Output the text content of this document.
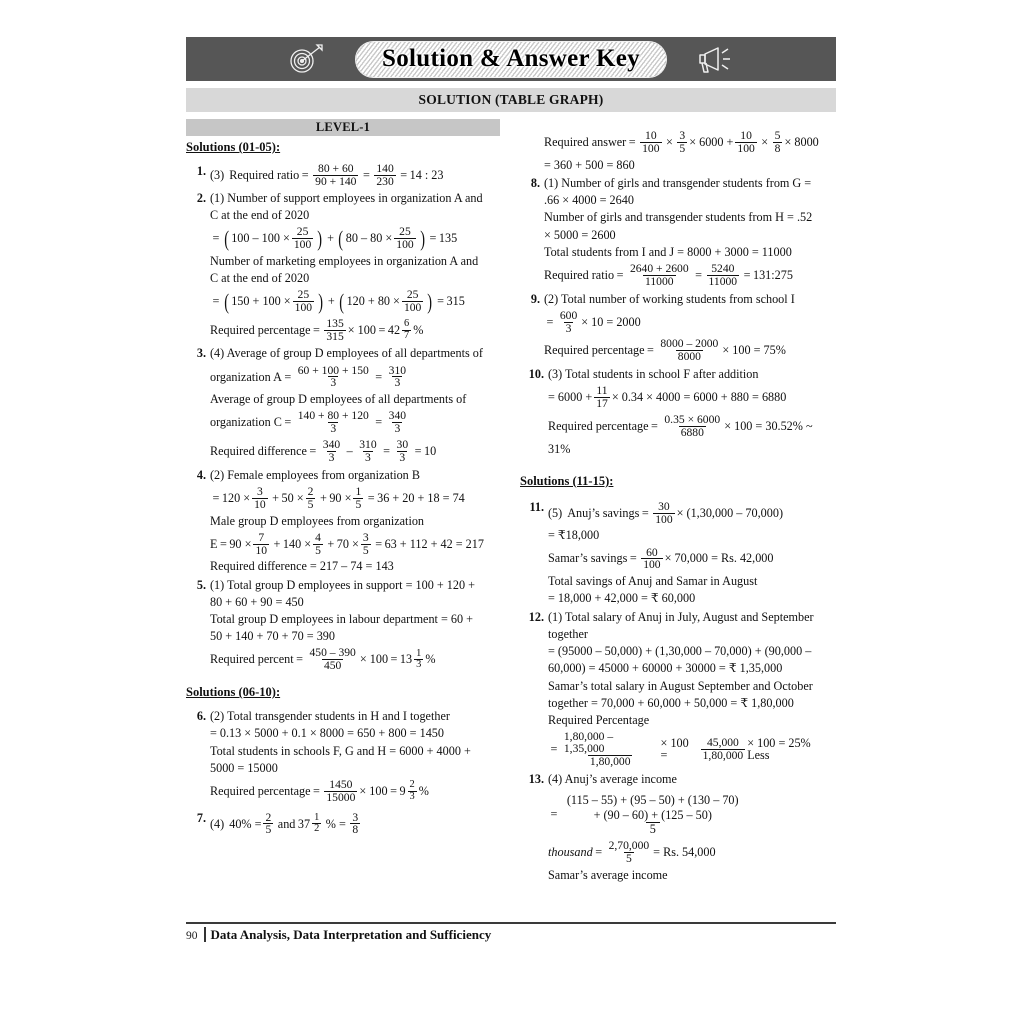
Solution & Answer Key
SOLUTION (TABLE GRAPH)
LEVEL-1
Solutions (01-05):
1. (3) Required ratio = $\frac{80 + 60}{90 + 140} = \frac{140}{230} = 14$ : 23
2. (1) Number of support employees in organization A and
C at the end of 2020
= ( $100 - 100 \times \frac{25}{100}$ ) + ( $80 - 80 \times \frac{25}{100}$ ) = 135
Number of marketing employees in organization A and
C at the end of 2020
= ( $150 + 100 \times \frac{25}{100}$ ) + ( $120 + 80 \times \frac{25}{100}$ ) = 315

Required percentage = $\frac{135}{315} \times 100 = 42 \frac{6}{7}$ %
3. (4) Average of group D employees of all departments of
organization $A = \frac{60 + 100 + 150}{3} = \frac{310}{3}$
Average of group D employees of all departments of
organization $C = \frac{140 + 80 + 120}{3} = \frac{340}{3}$

Required difference = $\frac{340}{3} - \frac{310}{3} = \frac{30}{3} = 10$
4. (2) Female employees from organization B
= $120 \times \frac{3}{10} + 50 \times \frac{2}{5} + 90 \times \frac{1}{5} = 36 + 20 + 18 = 74$
Male group D employees from organization
$E = 90 \times \frac{7}{10} + 140 \times \frac{4}{5} + 70 \times \frac{3}{5} = 63 + 112 + 42 = 217$
Required difference = 217 – 74 = 143
5. (1) Total group D employees in support = 100 + 120 +
80 + 60 + 90 = 450
Total group D employees in labour department = 60 +
50 + 140 + 70 + 70 = 390
Required percent = $\frac{450 - 390}{450} \times 100 = 13 \frac{1}{3}$ %
Solutions (06-10):
6. (2) Total transgender students in H and I together
= 0.13 × 5000 + 0.1 × 8000 = 650 + 800 = 1450
Total students in schools F, G and H = 6000 + 4000 +
5000 = 15000
Required percentage = $\frac{1450}{15000} \times 100 = 9 \frac{2}{3}$ %
7. (4) $40\% = \frac{2}{5}$ and $37 \frac{1}{2}$ % = $\frac{3}{8}$
Required answer = $\frac{10}{100} \times \frac{3}{5} \times 6000 + \frac{10}{100} \times \frac{5}{8} \times 8000$
= 360 + 500 = 860
8. (1) Number of girls and transgender students from G =
.66 × 4000 = 2640
Number of girls and transgender students from H = .52
× 5000 = 2600
Total students from I and J = 8000 + 3000 = 11000
Required ratio = $\frac{2640 + 2600}{11000} = \frac{5240}{11000}$ = 131:275
9. (2) Total number of working students from school I
= $\frac{600}{3} \times 10 = 2000$

Required percentage = $\frac{8000 - 2000}{8000} \times 100 = 75\%$
10. (3) Total students in school F after addition
= $6000 + \frac{11}{17} \times 0.34 \times 4000 = 6000 + 880 = 6880$

Required percentage = $\frac{0.35 \times 6000}{6880} \times 100 = 30.52\%$ ~
31%
Solutions (11-15):
11. (5) Anuj’s savings = $\frac{30}{100} \times (1,30,000 - 70,000)$
= ₹18,000
Samar’s savings = $\frac{60}{100} \times 70,000 = Rs$. 42,000
Total savings of Anuj and Samar in August
= 18,000 + 42,000 = ₹ 60,000
12. (1) Total salary of Anuj in July, August and September
together
= (95000 – 50,000) + (1,30,000 – 70,000) + (90,000 –
60,000) = 45000 + 60000 + 30000 = ₹ 1,35,000
Samar’s total salary in August September and October
together = 70,000 + 60,000 + 50,000 = ₹ 1,80,000
Required Percentage
= $\frac{1,80,000 - 1,35,000}{1,80,000} \times 100$ =	$\frac{45,000}{1,80,000} \times 100 = 25\%$ Less
13. (4) Anuj’s average income
=
(115 – 55) + (95 – 50) + (130 – 70)
+ (90 – 60) + (125 – 50)
5

thousand = $\frac{2,70,000}{5} = Rs$. 54,000
Samar’s average income
90	Data Analysis, Data Interpretation and Sufficiency
